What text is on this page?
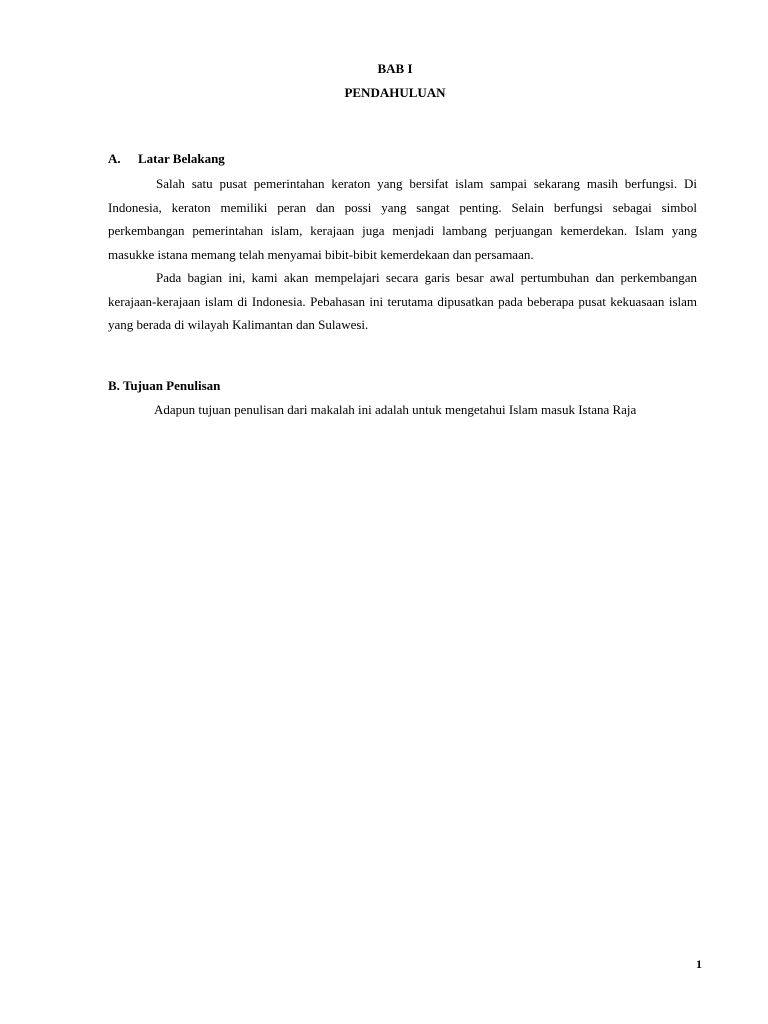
BAB I
PENDAHULUAN
A. Latar Belakang

Salah satu pusat pemerintahan keraton yang bersifat islam sampai sekarang masih berfungsi. Di Indonesia, keraton memiliki peran dan possi yang sangat penting. Selain berfungsi sebagai simbol perkembangan pemerintahan islam, kerajaan juga menjadi lambang perjuangan kemerdekan. Islam yang masukke istana memang telah menyamai bibit-bibit kemerdekaan dan persamaan.

Pada bagian ini, kami akan mempelajari secara garis besar awal pertumbuhan dan perkembangan kerajaan-kerajaan islam di Indonesia. Pebahasan ini terutama dipusatkan pada beberapa pusat kekuasaan islam yang berada di wilayah Kalimantan dan Sulawesi.

B. Tujuan Penulisan

Adapun tujuan penulisan dari makalah ini adalah untuk mengetahui Islam masuk Istana Raja

1
